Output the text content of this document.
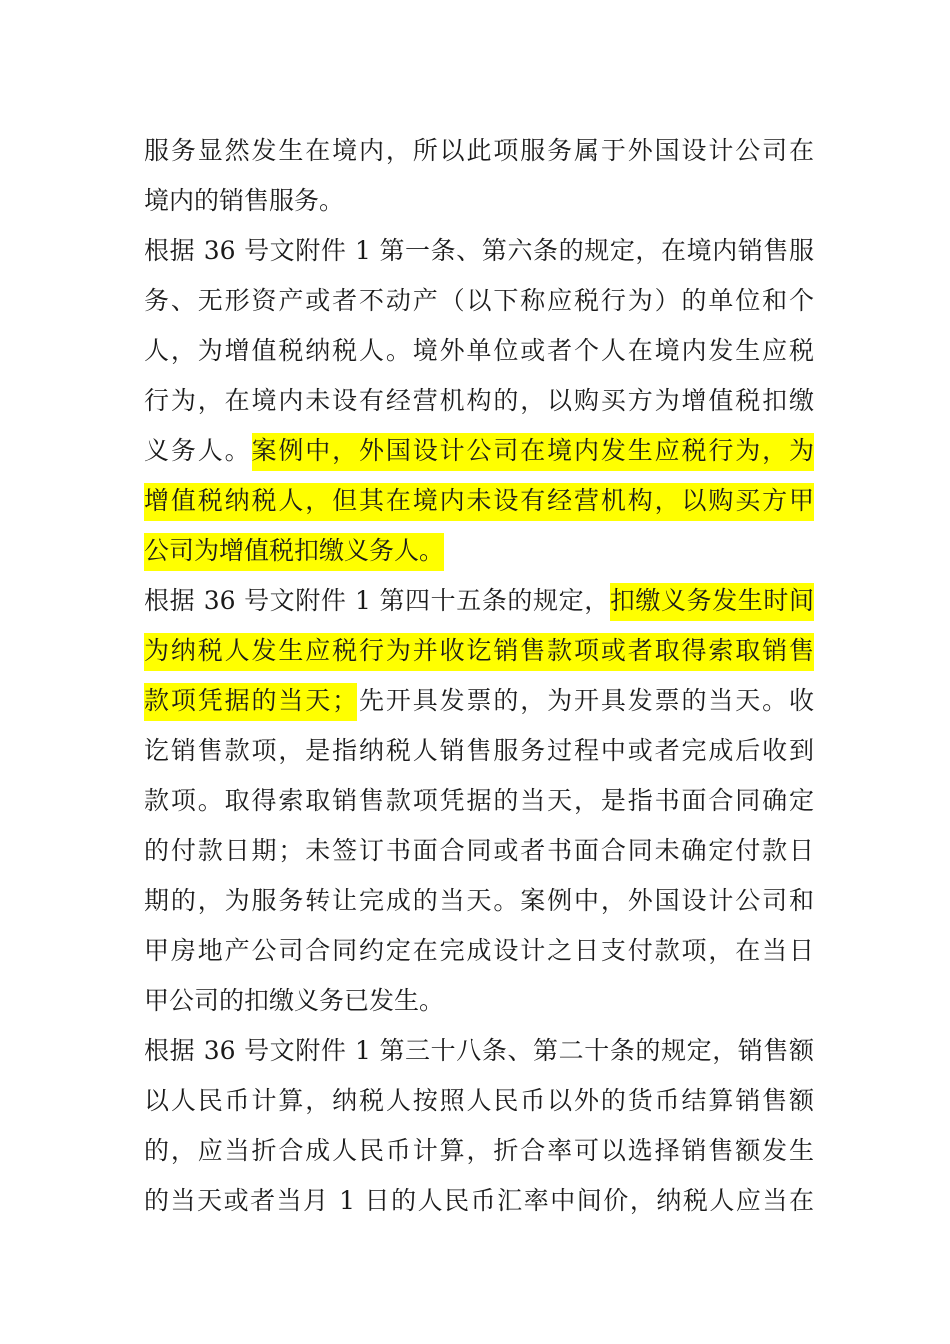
服务显然发生在境内，所以此项服务属于外国设计公司在
境内的销售服务。
根据 36 号文附件 1 第一条、第六条的规定，在境内销售服
务、无形资产或者不动产（以下称应税行为）的单位和个
人，为增值税纳税人。境外单位或者个人在境内发生应税
行为，在境内未设有经营机构的，以购买方为增值税扣缴
义务人。案例中，外国设计公司在境内发生应税行为，为
增值税纳税人，但其在境内未设有经营机构，以购买方甲
公司为增值税扣缴义务人。
根据 36 号文附件 1 第四十五条的规定，扣缴义务发生时间
为纳税人发生应税行为并收讫销售款项或者取得索取销售
款项凭据的当天；先开具发票的，为开具发票的当天。收
讫销售款项，是指纳税人销售服务过程中或者完成后收到
款项。取得索取销售款项凭据的当天，是指书面合同确定
的付款日期；未签订书面合同或者书面合同未确定付款日
期的，为服务转让完成的当天。案例中，外国设计公司和
甲房地产公司合同约定在完成设计之日支付款项，在当日
甲公司的扣缴义务已发生。
根据 36 号文附件 1 第三十八条、第二十条的规定，销售额
以人民币计算，纳税人按照人民币以外的货币结算销售额
的，应当折合成人民币计算，折合率可以选择销售额发生
的当天或者当月 1 日的人民币汇率中间价，纳税人应当在
